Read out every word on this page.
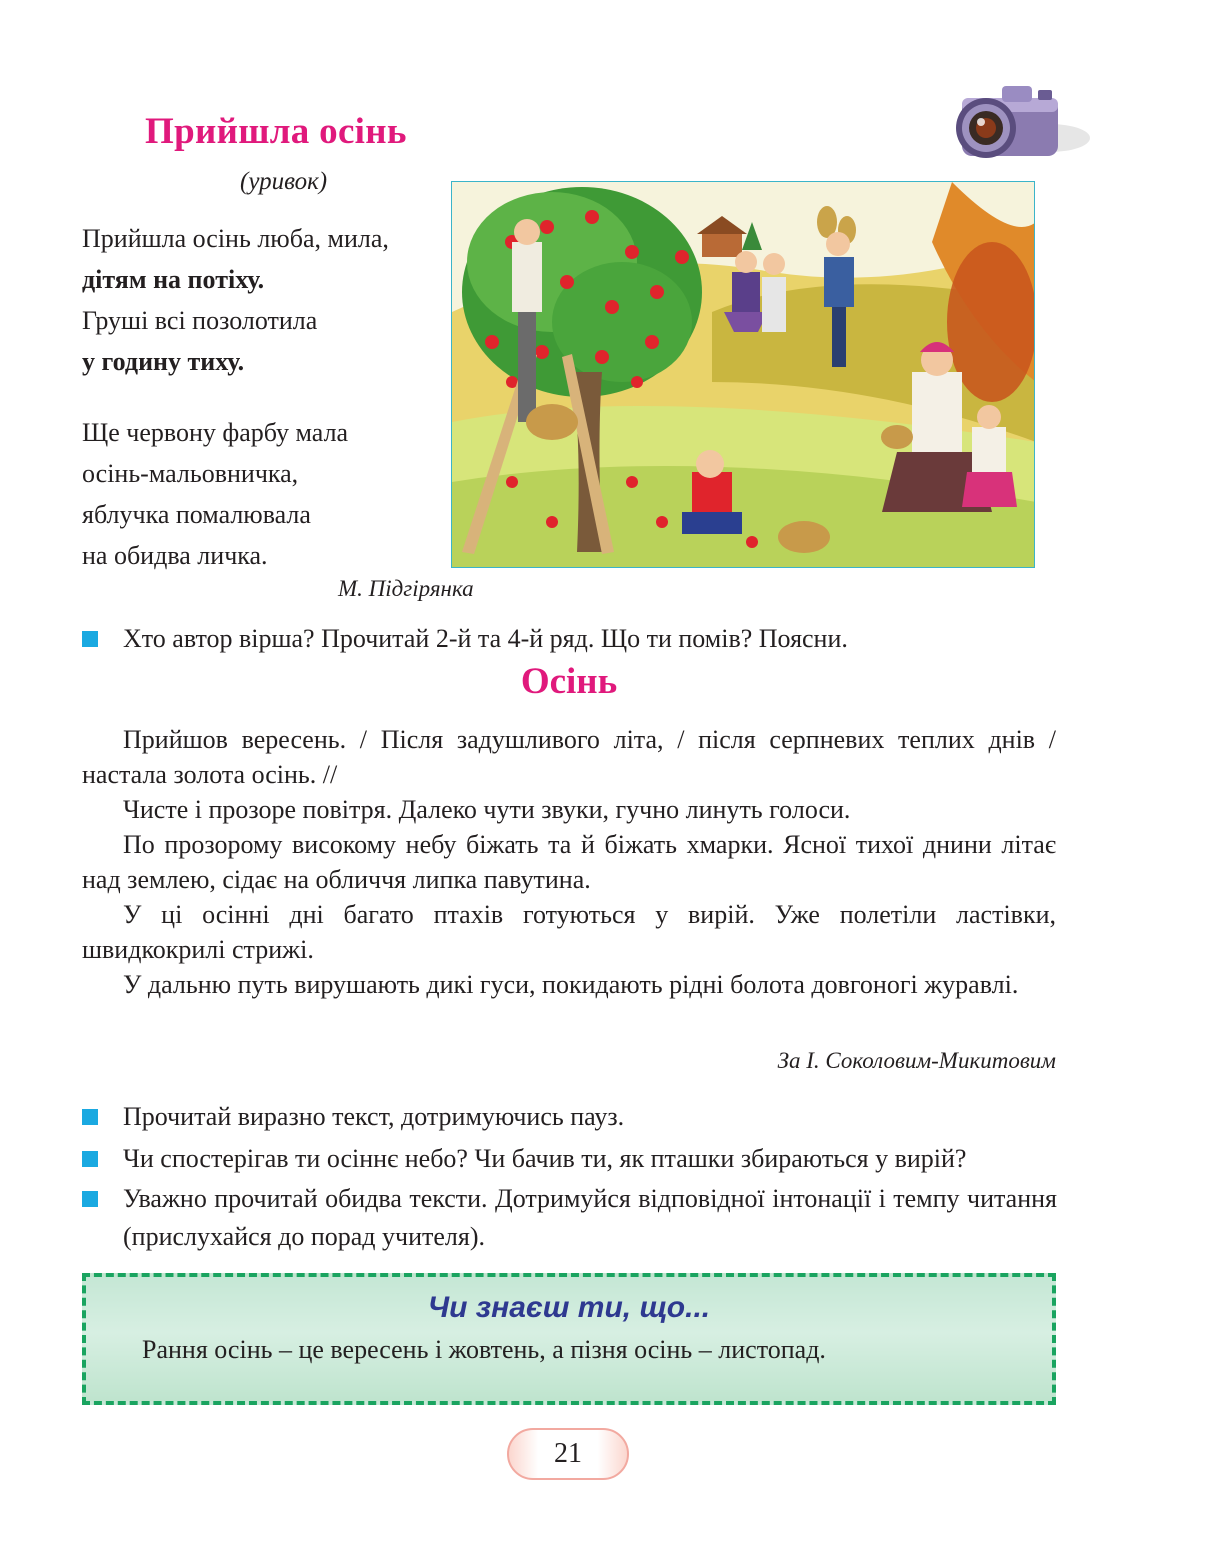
Прийшла осінь
(уривок)
Прийшла осінь люба, мила,
дітям на потіху.
Груші всі позолотила
у годину тиху.
Ще червону фарбу мала
осінь-мальовничка,
яблучка помалювала
на обидва личка.
М. Підгірянка
Хто автор вірша? Прочитай 2-й та 4-й ряд. Що ти помів? Поясни.
Осінь

Прийшов вересень. / Після задушливого літа, / після серпневих теплих днів / настала золота осінь. //

Чисте і прозоре повітря. Далеко чути звуки, гучно линуть голоси.

По прозорому високому небу біжать та й біжать хмарки. Ясної тихої днини літає над землею, сідає на обличчя липка павутина.

У ці осінні дні багато птахів готуються у вирій. Уже полетіли ластівки, швидкокрилі стрижі.

У дальню путь вирушають дикі гуси, покидають рідні болота довгоногі журавлі.

За І. Соколовим-Микитовим
Прочитай виразно текст, дотримуючись пауз.
Чи спостерігав ти осіннє небо? Чи бачив ти, як пташки збираються у вирій?
Уважно прочитай обидва тексти. Дотримуйся відповідної інтонації і темпу читання (прислухайся до порад учителя).
Чи знаєш ти, що...
Рання осінь – це вересень і жовтень, а пізня осінь – листопад.
21
